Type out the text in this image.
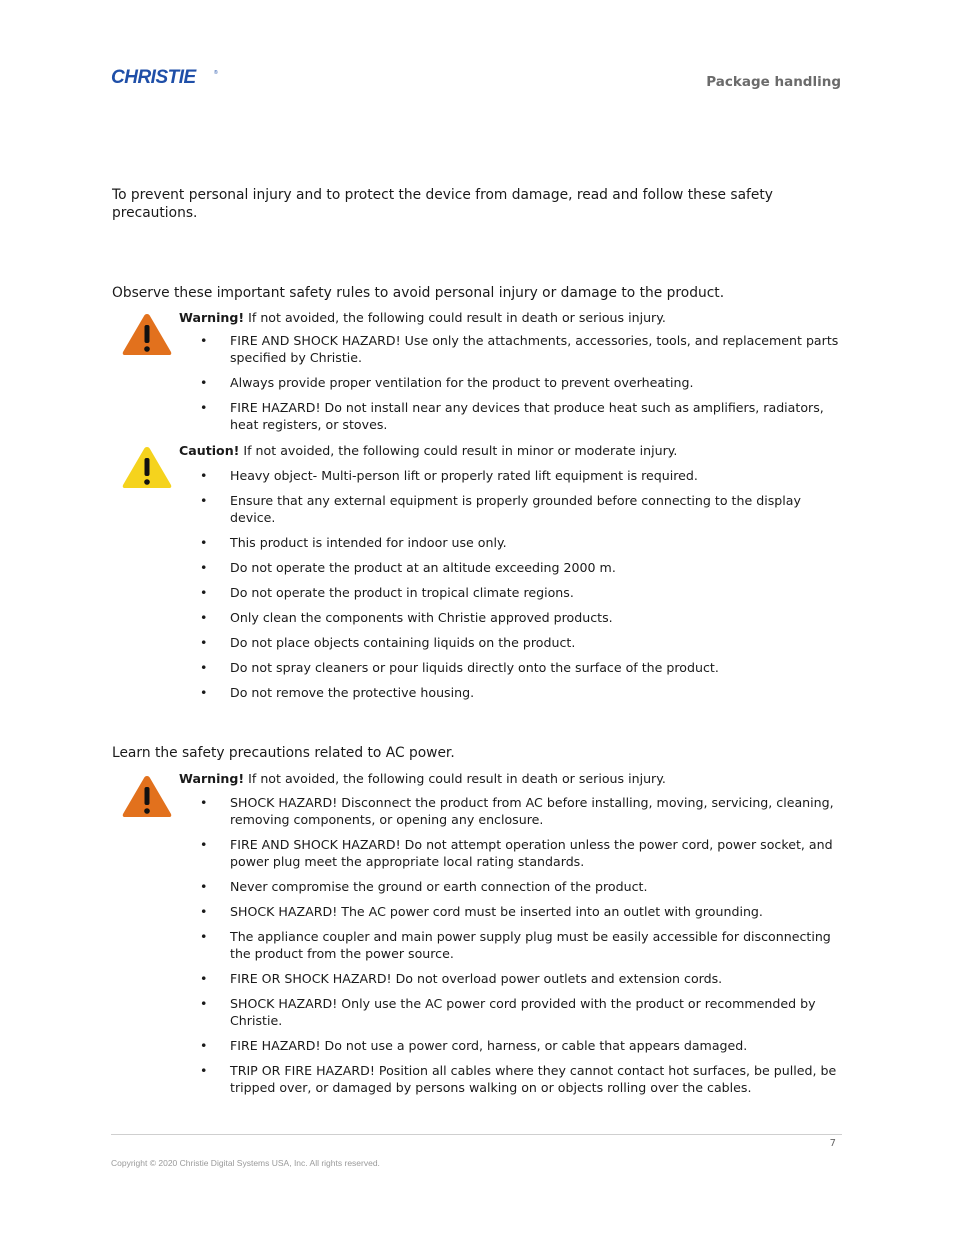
CHRISTIE	®
Package handling
To prevent personal injury and to protect the device from damage, read and follow these safety precautions.
Observe these important safety rules to avoid personal injury or damage to the product.
Warning! If not avoided, the following could result in death or serious injury.
• FIRE AND SHOCK HAZARD! Use only the attachments, accessories, tools, and replacement parts specified by Christie.
• Always provide proper ventilation for the product to prevent overheating.
• FIRE HAZARD! Do not install near any devices that produce heat such as amplifiers, radiators, heat registers, or stoves.
Caution! If not avoided, the following could result in minor or moderate injury.
• Heavy object- Multi-person lift or properly rated lift equipment is required.
• Ensure that any external equipment is properly grounded before connecting to the display device.
• This product is intended for indoor use only.
• Do not operate the product at an altitude exceeding 2000 m.
• Do not operate the product in tropical climate regions.
• Only clean the components with Christie approved products.
• Do not place objects containing liquids on the product.
• Do not spray cleaners or pour liquids directly onto the surface of the product.
• Do not remove the protective housing.
Learn the safety precautions related to AC power.
Warning! If not avoided, the following could result in death or serious injury.
• SHOCK HAZARD! Disconnect the product from AC before installing, moving, servicing, cleaning, removing components, or opening any enclosure.
• FIRE AND SHOCK HAZARD! Do not attempt operation unless the power cord, power socket, and power plug meet the appropriate local rating standards.
• Never compromise the ground or earth connection of the product.
• SHOCK HAZARD! The AC power cord must be inserted into an outlet with grounding.
• The appliance coupler and main power supply plug must be easily accessible for disconnecting the product from the power source.
• FIRE OR SHOCK HAZARD! Do not overload power outlets and extension cords.
• SHOCK HAZARD! Only use the AC power cord provided with the product or recommended by Christie.
• FIRE HAZARD! Do not use a power cord, harness, or cable that appears damaged.
• TRIP OR FIRE HAZARD! Position all cables where they cannot contact hot surfaces, be pulled, be tripped over, or damaged by persons walking on or objects rolling over the cables.
7
Copyright © 2020 Christie Digital Systems USA, Inc. All rights reserved.
